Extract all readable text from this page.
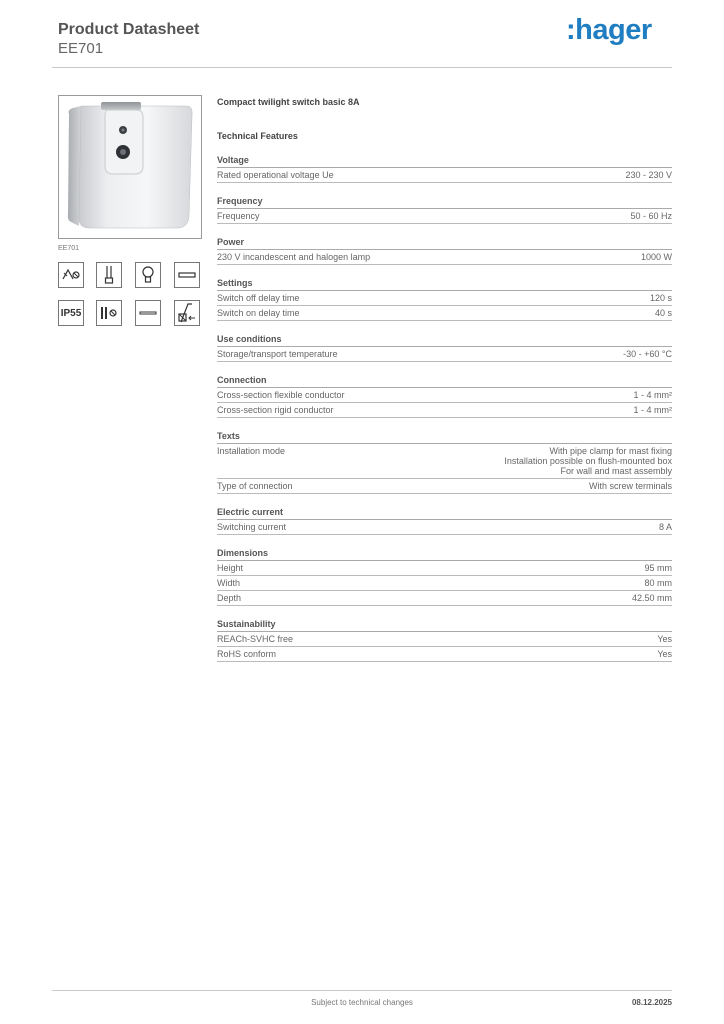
Product Datasheet
EE701
:hager
EE701
IP55
Compact twilight switch basic 8A
Technical Features
Voltage
Rated operational voltage Ue	230 - 230 V
Frequency
Frequency	50 - 60 Hz
Power
230 V incandescent and halogen lamp	1000 W
Settings
Switch off delay time	120 s
Switch on delay time	40 s
Use conditions
Storage/transport temperature	-30 - +60 °C
Connection
Cross-section flexible conductor	1 - 4 mm²
Cross-section rigid conductor	1 - 4 mm²
Texts
Installation mode	With pipe clamp for mast fixing
Installation possible on flush-mounted box
For wall and mast assembly
Type of connection	With screw terminals
Electric current
Switching current	8 A
Dimensions
Height	95 mm
Width	80 mm
Depth	42.50 mm
Sustainability
REACh-SVHC free	Yes
RoHS conform	Yes
Subject to technical changes	08.12.2025
